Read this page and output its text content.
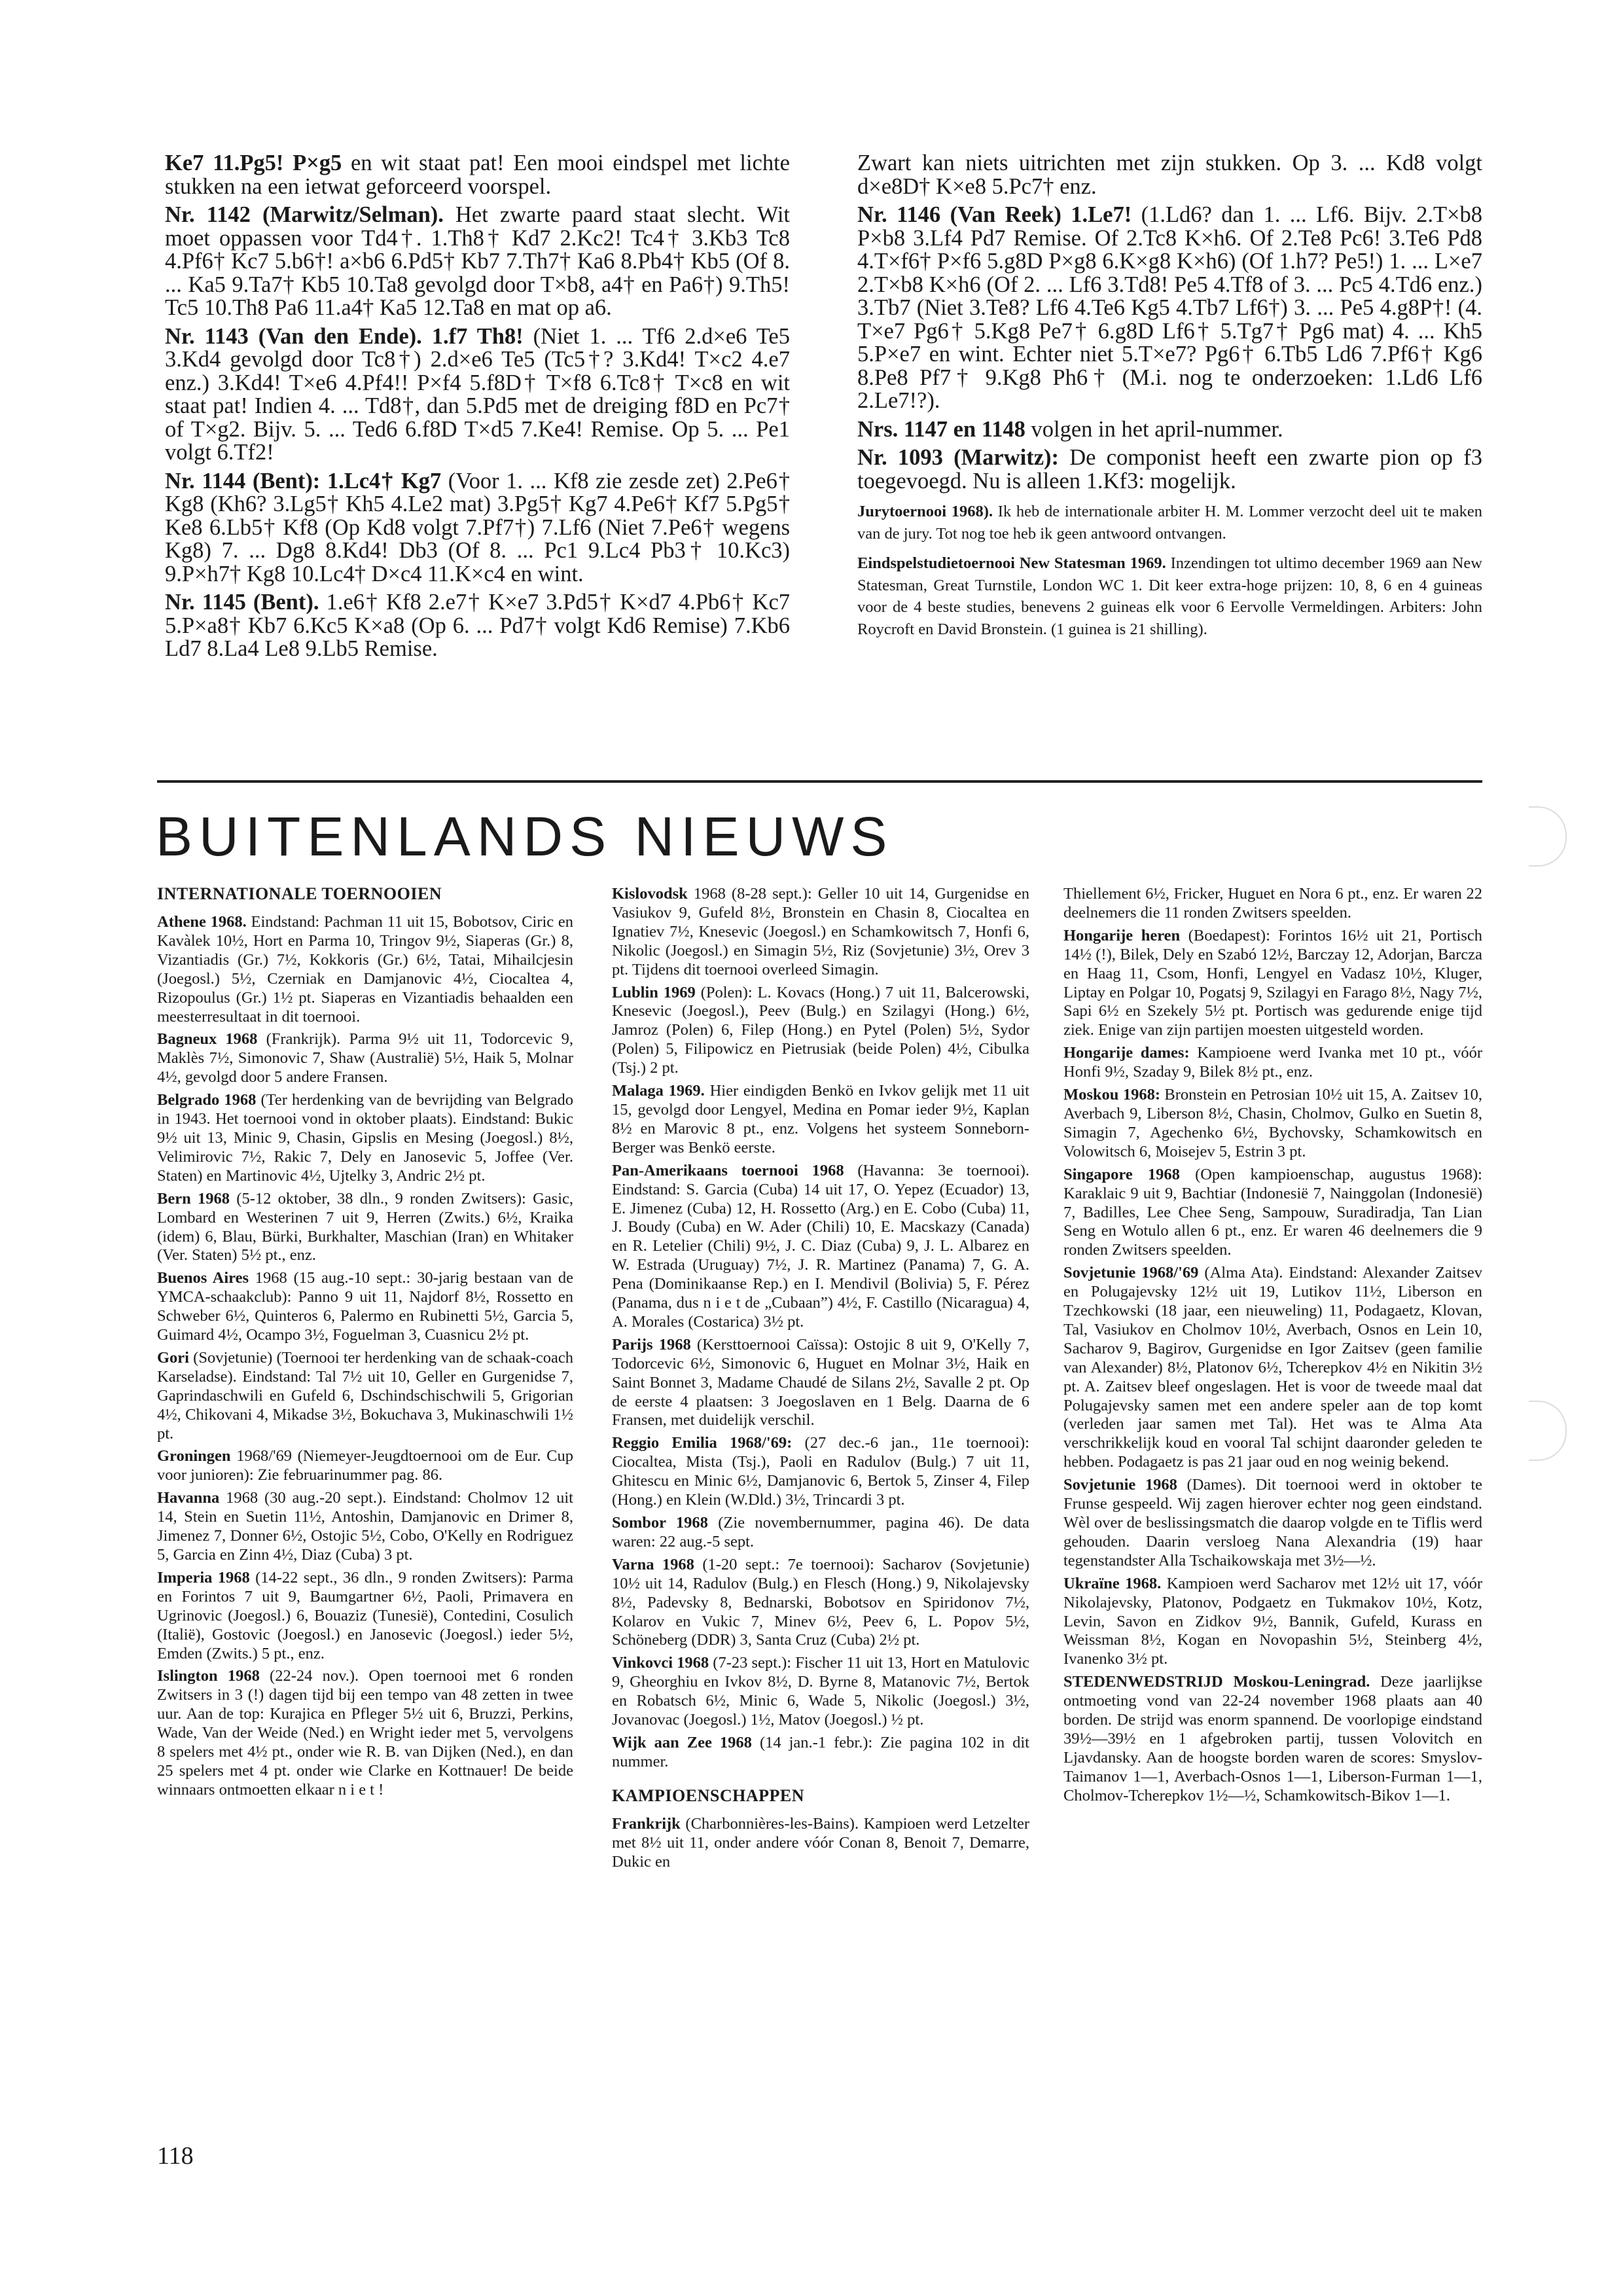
Ke7 11.Pg5! P×g5 en wit staat pat! Een mooi eindspel met lichte stukken na een ietwat geforceerd voorspel.

Nr. 1142 (Marwitz/Selman). Het zwarte paard staat slecht. Wit moet oppassen voor Td4†. 1.Th8† Kd7 2.Kc2! Tc4† 3.Kb3 Tc8 4.Pf6† Kc7 5.b6†! a×b6 6.Pd5† Kb7 7.Th7† Ka6 8.Pb4† Kb5 (Of 8. ... Ka5 9.Ta7† Kb5 10.Ta8 gevolgd door T×b8, a4† en Pa6†) 9.Th5! Tc5 10.Th8 Pa6 11.a4† Ka5 12.Ta8 en mat op a6.

Nr. 1143 (Van den Ende). 1.f7 Th8! (Niet 1. ... Tf6 2.d×e6 Te5 3.Kd4 gevolgd door Tc8†) 2.d×e6 Te5 (Tc5†? 3.Kd4! T×c2 4.e7 enz.) 3.Kd4! T×e6 4.Pf4!! P×f4 5.f8D† T×f8 6.Tc8† T×c8 en wit staat pat! Indien 4. ... Td8†, dan 5.Pd5 met de dreiging f8D en Pc7† of T×g2. Bijv. 5. ... Ted6 6.f8D T×d5 7.Ke4! Remise. Op 5. ... Pe1 volgt 6.Tf2!

Nr. 1144 (Bent): 1.Lc4† Kg7 (Voor 1. ... Kf8 zie zesde zet) 2.Pe6† Kg8 (Kh6? 3.Lg5† Kh5 4.Le2 mat) 3.Pg5† Kg7 4.Pe6† Kf7 5.Pg5† Ke8 6.Lb5† Kf8 (Op Kd8 volgt 7.Pf7†) 7.Lf6 (Niet 7.Pe6† wegens Kg8) 7. ... Dg8 8.Kd4! Db3 (Of 8. ... Pc1 9.Lc4 Pb3† 10.Kc3) 9.P×h7† Kg8 10.Lc4† D×c4 11.K×c4 en wint.

Nr. 1145 (Bent). 1.e6† Kf8 2.e7† K×e7 3.Pd5† K×d7 4.Pb6† Kc7 5.P×a8† Kb7 6.Kc5 K×a8 (Op 6. ... Pd7† volgt Kd6 Remise) 7.Kb6 Ld7 8.La4 Le8 9.Lb5 Remise.

Zwart kan niets uitrichten met zijn stukken. Op 3. ... Kd8 volgt d×e8D† K×e8 5.Pc7† enz.

Nr. 1146 (Van Reek) 1.Le7! (1.Ld6? dan 1. ... Lf6. Bijv. 2.T×b8 P×b8 3.Lf4 Pd7 Remise. Of 2.Tc8 K×h6. Of 2.Te8 Pc6! 3.Te6 Pd8 4.T×f6† P×f6 5.g8D P×g8 6.K×g8 K×h6) (Of 1.h7? Pe5!) 1. ... L×e7 2.T×b8 K×h6 (Of 2. ... Lf6 3.Td8! Pe5 4.Tf8 of 3. ... Pc5 4.Td6 enz.) 3.Tb7 (Niet 3.Te8? Lf6 4.Te6 Kg5 4.Tb7 Lf6†) 3. ... Pe5 4.g8P†! (4. T×e7 Pg6† 5.Kg8 Pe7† 6.g8D Lf6† 5.Tg7† Pg6 mat) 4. ... Kh5 5.P×e7 en wint. Echter niet 5.T×e7? Pg6† 6.Tb5 Ld6 7.Pf6† Kg6 8.Pe8 Pf7† 9.Kg8 Ph6† (M.i. nog te onderzoeken: 1.Ld6 Lf6 2.Le7!?).

Nrs. 1147 en 1148 volgen in het april-nummer.

Nr. 1093 (Marwitz): De componist heeft een zwarte pion op f3 toegevoegd. Nu is alleen 1.Kf3: mogelijk.

Jurytoernooi 1968). Ik heb de internationale arbiter H. M. Lommer verzocht deel uit te maken van de jury. Tot nog toe heb ik geen antwoord ontvangen.

Eindspelstudietoernooi New Statesman 1969. Inzendingen tot ultimo december 1969 aan New Statesman, Great Turnstile, London WC 1. Dit keer extra-hoge prijzen: 10, 8, 6 en 4 guineas voor de 4 beste studies, benevens 2 guineas elk voor 6 Eervolle Vermeldingen. Arbiters: John Roycroft en David Bronstein. (1 guinea is 21 shilling).

BUITENLANDS NIEUWS
INTERNATIONALE TOERNOOIEN

Athene 1968. Eindstand: Pachman 11 uit 15, Bobotsov, Ciric en Kavàlek 10½, Hort en Parma 10, Tringov 9½, Siaperas (Gr.) 8, Vizantiadis (Gr.) 7½, Kokkoris (Gr.) 6½, Tatai, Mihailcjesin (Joegosl.) 5½, Czerniak en Damjanovic 4½, Ciocaltea 4, Rizopoulus (Gr.) 1½ pt. Siaperas en Vizantiadis behaalden een meesterresultaat in dit toernooi.

Bagneux 1968 (Frankrijk). Parma 9½ uit 11, Todorcevic 9, Maklès 7½, Simonovic 7, Shaw (Australië) 5½, Haik 5, Molnar 4½, gevolgd door 5 andere Fransen.

Belgrado 1968 (Ter herdenking van de bevrijding van Belgrado in 1943. Het toernooi vond in oktober plaats). Eindstand: Bukic 9½ uit 13, Minic 9, Chasin, Gipslis en Mesing (Joegosl.) 8½, Velimirovic 7½, Rakic 7, Dely en Janosevic 5, Joffee (Ver. Staten) en Martinovic 4½, Ujtelky 3, Andric 2½ pt.

Bern 1968 (5-12 oktober, 38 dln., 9 ronden Zwitsers): Gasic, Lombard en Westerinen 7 uit 9, Herren (Zwits.) 6½, Kraika (idem) 6, Blau, Bürki, Burkhalter, Maschian (Iran) en Whitaker (Ver. Staten) 5½ pt., enz.

Buenos Aires 1968 (15 aug.-10 sept.: 30-jarig bestaan van de YMCA-schaakclub): Panno 9 uit 11, Najdorf 8½, Rossetto en Schweber 6½, Quinteros 6, Palermo en Rubinetti 5½, Garcia 5, Guimard 4½, Ocampo 3½, Foguelman 3, Cuasnicu 2½ pt.

Gori (Sovjetunie) (Toernooi ter herdenking van de schaak-coach Karseladse). Eindstand: Tal 7½ uit 10, Geller en Gurgenidse 7, Gaprindaschwili en Gufeld 6, Dschindschischwili 5, Grigorian 4½, Chikovani 4, Mikadse 3½, Bokuchava 3, Mukinaschwili 1½ pt.

Groningen 1968/'69 (Niemeyer-Jeugdtoernooi om de Eur. Cup voor junioren): Zie februarinummer pag. 86.

Havanna 1968 (30 aug.-20 sept.). Eindstand: Cholmov 12 uit 14, Stein en Suetin 11½, Antoshin, Damjanovic en Drimer 8, Jimenez 7, Donner 6½, Ostojic 5½, Cobo, O'Kelly en Rodriguez 5, Garcia en Zinn 4½, Diaz (Cuba) 3 pt.

Imperia 1968 (14-22 sept., 36 dln., 9 ronden Zwitsers): Parma en Forintos 7 uit 9, Baumgartner 6½, Paoli, Primavera en Ugrinovic (Joegosl.) 6, Bouaziz (Tunesië), Contedini, Cosulich (Italië), Gostovic (Joegosl.) en Janosevic (Joegosl.) ieder 5½, Emden (Zwits.) 5 pt., enz.

Islington 1968 (22-24 nov.). Open toernooi met 6 ronden Zwitsers in 3 (!) dagen tijd bij een tempo van 48 zetten in twee uur. Aan de top: Kurajica en Pfleger 5½ uit 6, Bruzzi, Perkins, Wade, Van der Weide (Ned.) en Wright ieder met 5, vervolgens 8 spelers met 4½ pt., onder wie R. B. van Dijken (Ned.), en dan 25 spelers met 4 pt. onder wie Clarke en Kottnauer! De beide winnaars ontmoetten elkaar n i e t !

Kislovodsk 1968 (8-28 sept.): Geller 10 uit 14, Gurgenidse en Vasiukov 9, Gufeld 8½, Bronstein en Chasin 8, Ciocaltea en Ignatiev 7½, Knesevic (Joegosl.) en Schamkowitsch 7, Honfi 6, Nikolic (Joegosl.) en Simagin 5½, Riz (Sovjetunie) 3½, Orev 3 pt. Tijdens dit toernooi overleed Simagin.

Lublin 1969 (Polen): L. Kovacs (Hong.) 7 uit 11, Balcerowski, Knesevic (Joegosl.), Peev (Bulg.) en Szilagyi (Hong.) 6½, Jamroz (Polen) 6, Filep (Hong.) en Pytel (Polen) 5½, Sydor (Polen) 5, Filipowicz en Pietrusiak (beide Polen) 4½, Cibulka (Tsj.) 2 pt.

Malaga 1969. Hier eindigden Benkö en Ivkov gelijk met 11 uit 15, gevolgd door Lengyel, Medina en Pomar ieder 9½, Kaplan 8½ en Marovic 8 pt., enz. Volgens het systeem Sonneborn-Berger was Benkö eerste.

Pan-Amerikaans toernooi 1968 (Havanna: 3e toernooi). Eindstand: S. Garcia (Cuba) 14 uit 17, O. Yepez (Ecuador) 13, E. Jimenez (Cuba) 12, H. Rossetto (Arg.) en E. Cobo (Cuba) 11, J. Boudy (Cuba) en W. Ader (Chili) 10, E. Macskazy (Canada) en R. Letelier (Chili) 9½, J. C. Diaz (Cuba) 9, J. L. Albarez en W. Estrada (Uruguay) 7½, J. R. Martinez (Panama) 7, G. A. Pena (Dominikaanse Rep.) en I. Mendivil (Bolivia) 5, F. Pérez (Panama, dus n i e t de „Cubaan”) 4½, F. Castillo (Nicaragua) 4, A. Morales (Costarica) 3½ pt.

Parijs 1968 (Kersttoernooi Caïssa): Ostojic 8 uit 9, O'Kelly 7, Todorcevic 6½, Simonovic 6, Huguet en Molnar 3½, Haik en Saint Bonnet 3, Madame Chaudé de Silans 2½, Savalle 2 pt. Op de eerste 4 plaatsen: 3 Joegoslaven en 1 Belg. Daarna de 6 Fransen, met duidelijk verschil.

Reggio Emilia 1968/'69: (27 dec.-6 jan., 11e toernooi): Ciocaltea, Mista (Tsj.), Paoli en Radulov (Bulg.) 7 uit 11, Ghitescu en Minic 6½, Damjanovic 6, Bertok 5, Zinser 4, Filep (Hong.) en Klein (W.Dld.) 3½, Trincardi 3 pt.

Sombor 1968 (Zie novembernummer, pagina 46). De data waren: 22 aug.-5 sept.

Varna 1968 (1-20 sept.: 7e toernooi): Sacharov (Sovjetunie) 10½ uit 14, Radulov (Bulg.) en Flesch (Hong.) 9, Nikolajevsky 8½, Padevsky 8, Bednarski, Bobotsov en Spiridonov 7½, Kolarov en Vukic 7, Minev 6½, Peev 6, L. Popov 5½, Schöneberg (DDR) 3, Santa Cruz (Cuba) 2½ pt.

Vinkovci 1968 (7-23 sept.): Fischer 11 uit 13, Hort en Matulovic 9, Gheorghiu en Ivkov 8½, D. Byrne 8, Matanovic 7½, Bertok en Robatsch 6½, Minic 6, Wade 5, Nikolic (Joegosl.) 3½, Jovanovac (Joegosl.) 1½, Matov (Joegosl.) ½ pt.

Wijk aan Zee 1968 (14 jan.-1 febr.): Zie pagina 102 in dit nummer.

KAMPIOENSCHAPPEN

Frankrijk (Charbonnières-les-Bains). Kampioen werd Letzelter met 8½ uit 11, onder andere vóór Conan 8, Benoit 7, Demarre, Dukic en

Thiellement 6½, Fricker, Huguet en Nora 6 pt., enz. Er waren 22 deelnemers die 11 ronden Zwitsers speelden.

Hongarije heren (Boedapest): Forintos 16½ uit 21, Portisch 14½ (!), Bilek, Dely en Szabó 12½, Barczay 12, Adorjan, Barcza en Haag 11, Csom, Honfi, Lengyel en Vadasz 10½, Kluger, Liptay en Polgar 10, Pogatsj 9, Szilagyi en Farago 8½, Nagy 7½, Sapi 6½ en Szekely 5½ pt. Portisch was gedurende enige tijd ziek. Enige van zijn partijen moesten uitgesteld worden.

Hongarije dames: Kampioene werd Ivanka met 10 pt., vóór Honfi 9½, Szaday 9, Bilek 8½ pt., enz.

Moskou 1968: Bronstein en Petrosian 10½ uit 15, A. Zaitsev 10, Averbach 9, Liberson 8½, Chasin, Cholmov, Gulko en Suetin 8, Simagin 7, Agechenko 6½, Bychovsky, Schamkowitsch en Volowitsch 6, Moisejev 5, Estrin 3 pt.

Singapore 1968 (Open kampioenschap, augustus 1968): Karaklaic 9 uit 9, Bachtiar (Indonesië 7, Nainggolan (Indonesië) 7, Badilles, Lee Chee Seng, Sampouw, Suradiradja, Tan Lian Seng en Wotulo allen 6 pt., enz. Er waren 46 deelnemers die 9 ronden Zwitsers speelden.

Sovjetunie 1968/'69 (Alma Ata). Eindstand: Alexander Zaitsev en Polugajevsky 12½ uit 19, Lutikov 11½, Liberson en Tzechkowski (18 jaar, een nieuweling) 11, Podagaetz, Klovan, Tal, Vasiukov en Cholmov 10½, Averbach, Osnos en Lein 10, Sacharov 9, Bagirov, Gurgenidse en Igor Zaitsev (geen familie van Alexander) 8½, Platonov 6½, Tcherepkov 4½ en Nikitin 3½ pt. A. Zaitsev bleef ongeslagen. Het is voor de tweede maal dat Polugajevsky samen met een andere speler aan de top komt (verleden jaar samen met Tal). Het was te Alma Ata verschrikkelijk koud en vooral Tal schijnt daaronder geleden te hebben. Podagaetz is pas 21 jaar oud en nog weinig bekend.

Sovjetunie 1968 (Dames). Dit toernooi werd in oktober te Frunse gespeeld. Wij zagen hierover echter nog geen eindstand. Wèl over de beslissingsmatch die daarop volgde en te Tiflis werd gehouden. Daarin versloeg Nana Alexandria (19) haar tegenstandster Alla Tschaikowskaja met 3½—½.

Ukraïne 1968. Kampioen werd Sacharov met 12½ uit 17, vóór Nikolajevsky, Platonov, Podgaetz en Tukmakov 10½, Kotz, Levin, Savon en Zidkov 9½, Bannik, Gufeld, Kurass en Weissman 8½, Kogan en Novopashin 5½, Steinberg 4½, Ivanenko 3½ pt.

STEDENWEDSTRIJD Moskou-Leningrad. Deze jaarlijkse ontmoeting vond van 22-24 november 1968 plaats aan 40 borden. De strijd was enorm spannend. De voorlopige eindstand 39½—39½ en 1 afgebroken partij, tussen Volovitch en Ljavdansky. Aan de hoogste borden waren de scores: Smyslov-Taimanov 1—1, Averbach-Osnos 1—1, Liberson-Furman 1—1, Cholmov-Tcherepkov 1½—½, Schamkowitsch-Bikov 1—1.

118
